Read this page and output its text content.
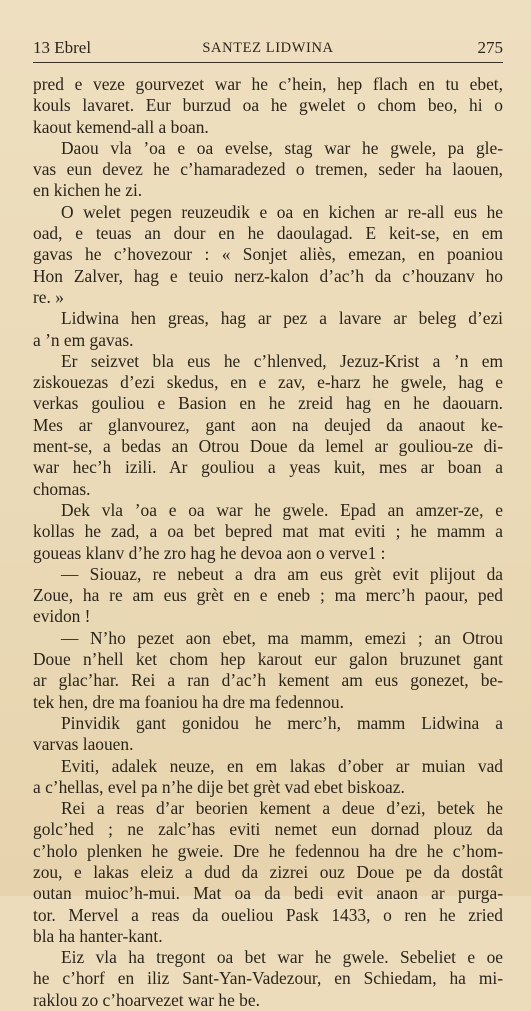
13 Ebrel	SANTEZ LIDWINA	275

pred e veze gourvezet war he c’hein, hep flach en tu ebet,
kouls lavaret. Eur burzud oa he gwelet o chom beo, hi o
kaout kemend-all a boan.

Daou vla ’oa e oa evelse, stag war he gwele, pa gle-
vas eun devez he c’hamaradezed o tremen, seder ha laouen,
en kichen he zi.

O welet pegen reuzeudik e oa en kichen ar re-all eus he
oad, e teuas an dour en he daoulagad. E keit-se, en em
gavas he c’hovezour : « Sonjet aliès, emezan, en poaniou
Hon Zalver, hag e teuio nerz-kalon d’ac’h da c’houzanv ho
re. »

Lidwina hen greas, hag ar pez a lavare ar beleg d’ezi
a ’n em gavas.

Er seizvet bla eus he c’hlenved, Jezuz-Krist a ’n em
ziskouezas d’ezi skedus, en e zav, e-harz he gwele, hag e
verkas gouliou e Basion en he zreid hag en he daouarn.
Mes ar glanvourez, gant aon na deujed da anaout ke-
ment-se, a bedas an Otrou Doue da lemel ar gouliou-ze di-
war hec’h izili. Ar gouliou a yeas kuit, mes ar boan a
chomas.

Dek vla ’oa e oa war he gwele. Epad an amzer-ze, e
kollas he zad, a oa bet bepred mat mat eviti ; he mamm a
goueas klanv d’he zro hag he devoa aon o verve1 :

— Siouaz, re nebeut a dra am eus grèt evit plijout da
Zoue, ha re am eus grèt en e eneb ; ma merc’h paour, ped
evidon !

— N’ho pezet aon ebet, ma mamm, emezi ; an Otrou
Doue n’hell ket chom hep karout eur galon bruzunet gant
ar glac’har. Rei a ran d’ac’h kement am eus gonezet, be-
tek hen, dre ma foaniou ha dre ma fedennou.

Pinvidik gant gonidou he merc’h, mamm Lidwina a
varvas laouen.

Eviti, adalek neuze, en em lakas d’ober ar muian vad
a c’hellas, evel pa n’he dije bet grèt vad ebet biskoaz.

Rei a reas d’ar beorien kement a deue d’ezi, betek he
golc’hed ; ne zalc’has eviti nemet eun dornad plouz da
c’holo plenken he gweie. Dre he fedennou ha dre he c’hom-
zou, e lakas eleiz a dud da zizrei ouz Doue pe da dostât
outan muioc’h-mui. Mat oa da bedi evit anaon ar purga-
tor. Mervel a reas da oueliou Pask 1433, o ren he zried
bla ha hanter-kant.

Eiz vla ha tregont oa bet war he gwele. Sebeliet e oe
he c’horf en iliz Sant-Yan-Vadezour, en Schiedam, ha mi-
raklou zo c’hoarvezet war he be.
